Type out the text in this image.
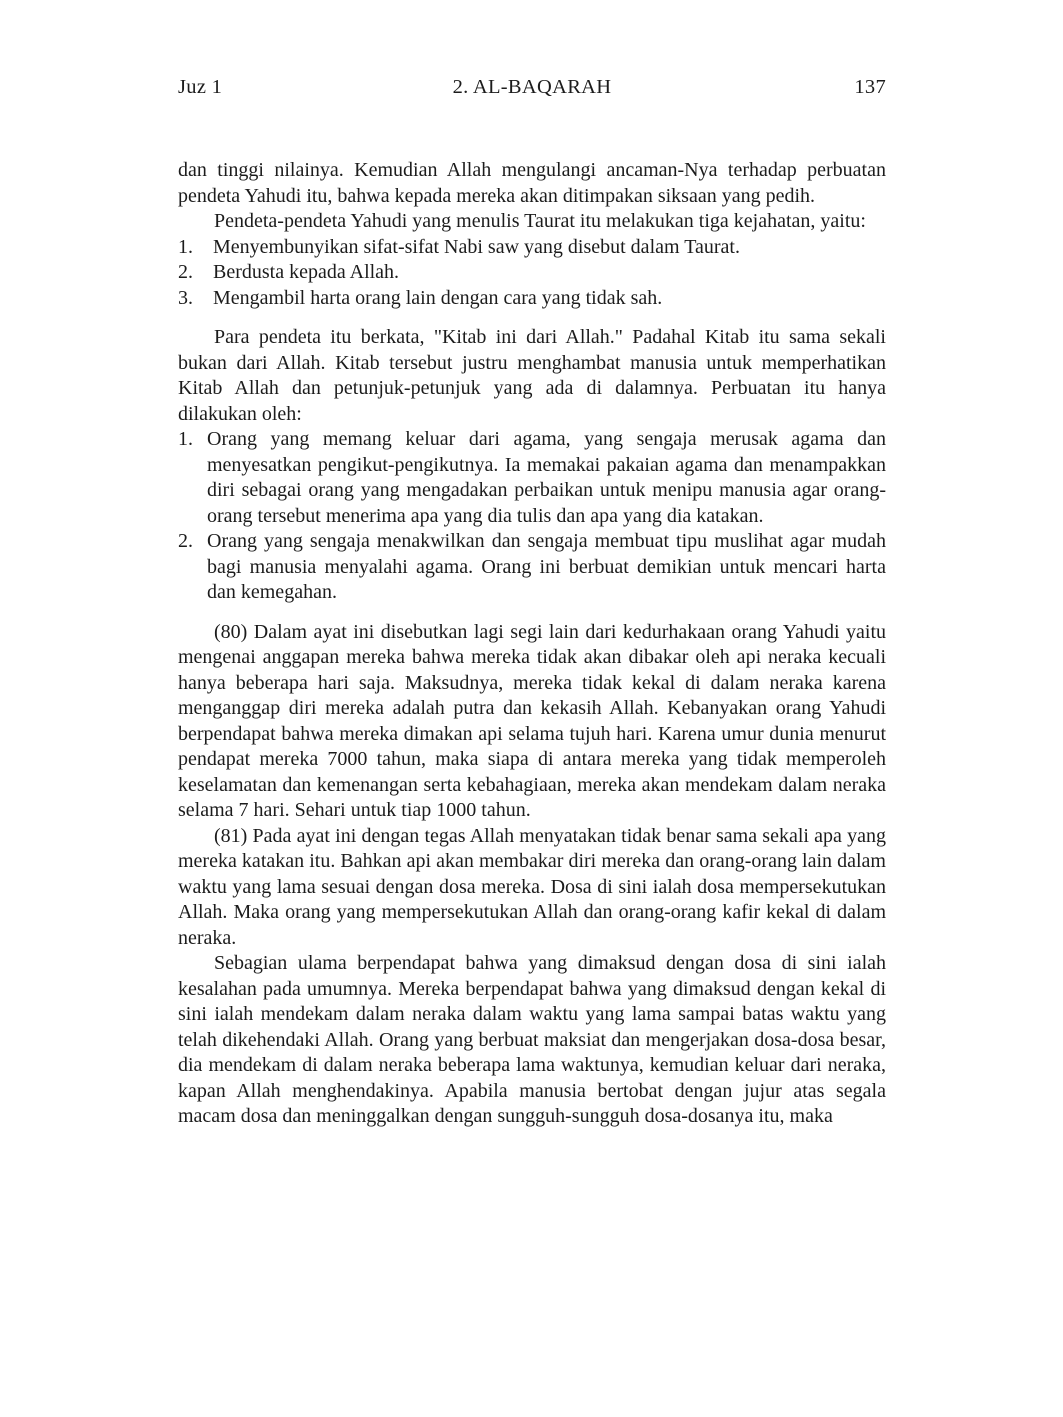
Juz 1	2. AL-BAQARAH	137

dan tinggi nilainya. Kemudian Allah mengulangi ancaman-Nya terhadap perbuatan pendeta Yahudi itu, bahwa kepada mereka akan ditimpakan siksaan yang pedih.

Pendeta-pendeta Yahudi yang menulis Taurat itu melakukan tiga kejahatan, yaitu:

1. Menyembunyikan sifat-sifat Nabi saw yang disebut dalam Taurat.
2. Berdusta kepada Allah.
3. Mengambil harta orang lain dengan cara yang tidak sah.

Para pendeta itu berkata, "Kitab ini dari Allah." Padahal Kitab itu sama sekali bukan dari Allah. Kitab tersebut justru menghambat manusia untuk memperhatikan Kitab Allah dan petunjuk-petunjuk yang ada di dalamnya. Perbuatan itu hanya dilakukan oleh:

1. Orang yang memang keluar dari agama, yang sengaja merusak agama dan menyesatkan pengikut-pengikutnya. Ia memakai pakaian agama dan menampakkan diri sebagai orang yang mengadakan perbaikan untuk menipu manusia agar orang-orang tersebut menerima apa yang dia tulis dan apa yang dia katakan.
2. Orang yang sengaja menakwilkan dan sengaja membuat tipu muslihat agar mudah bagi manusia menyalahi agama. Orang ini berbuat demikian untuk mencari harta dan kemegahan.

(80) Dalam ayat ini disebutkan lagi segi lain dari kedurhakaan orang Yahudi yaitu mengenai anggapan mereka bahwa mereka tidak akan dibakar oleh api neraka kecuali hanya beberapa hari saja. Maksudnya, mereka tidak kekal di dalam neraka karena menganggap diri mereka adalah putra dan kekasih Allah. Kebanyakan orang Yahudi berpendapat bahwa mereka dimakan api selama tujuh hari. Karena umur dunia menurut pendapat mereka 7000 tahun, maka siapa di antara mereka yang tidak memperoleh keselamatan dan kemenangan serta kebahagiaan, mereka akan mendekam dalam neraka selama 7 hari. Sehari untuk tiap 1000 tahun.

(81) Pada ayat ini dengan tegas Allah menyatakan tidak benar sama sekali apa yang mereka katakan itu. Bahkan api akan membakar diri mereka dan orang-orang lain dalam waktu yang lama sesuai dengan dosa mereka. Dosa di sini ialah dosa mempersekutukan Allah. Maka orang yang mempersekutukan Allah dan orang-orang kafir kekal di dalam neraka.

Sebagian ulama berpendapat bahwa yang dimaksud dengan dosa di sini ialah kesalahan pada umumnya. Mereka berpendapat bahwa yang dimaksud dengan kekal di sini ialah mendekam dalam neraka dalam waktu yang lama sampai batas waktu yang telah dikehendaki Allah. Orang yang berbuat maksiat dan mengerjakan dosa-dosa besar, dia mendekam di dalam neraka beberapa lama waktunya, kemudian keluar dari neraka, kapan Allah menghendakinya. Apabila manusia bertobat dengan jujur atas segala macam dosa dan meninggalkan dengan sungguh-sungguh dosa-dosanya itu, maka
